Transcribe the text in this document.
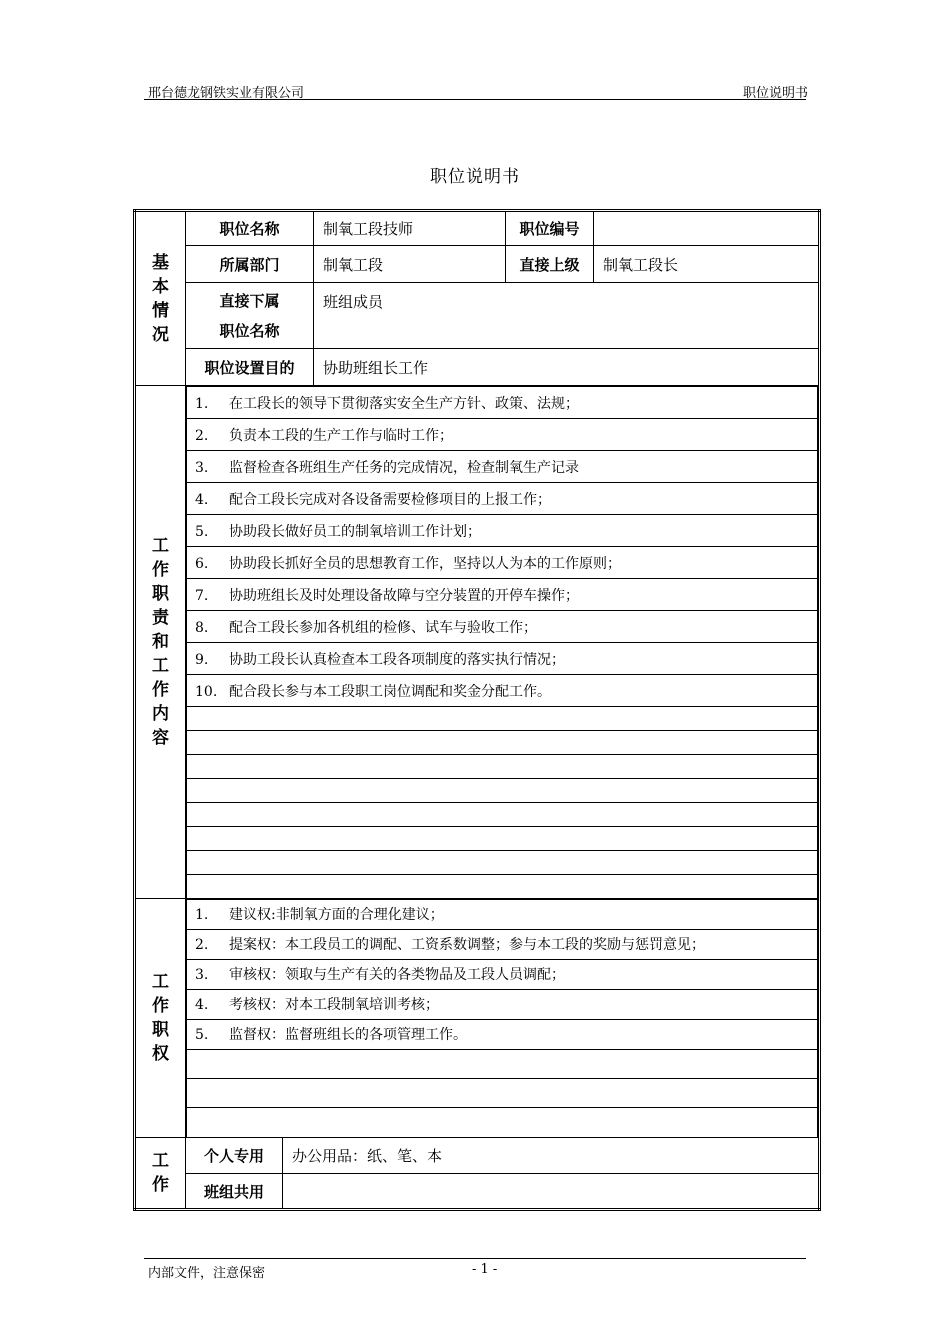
邢台德龙钢铁实业有限公司	职位说明书
职位说明书
基
本
情
况
	职位名称	制氧工段技师	职位编号	
所属部门	制氧工段	直接上级	制氧工段长

直接下属
职位名称
	班组成员
职位设置目的	协助班组长工作

工
作
职
责
和
工
作
内
容

1. 在工段长的领导下贯彻落实安全生产方针、政策、法规；
2. 负责本工段的生产工作与临时工作；
3. 监督检查各班组生产任务的完成情况，检查制氧生产记录
4. 配合工段长完成对各设备需要检修项目的上报工作；
5. 协助段长做好员工的制氧培训工作计划；
6. 协助段长抓好全员的思想教育工作，坚持以人为本的工作原则；
7. 协助班组长及时处理设备故障与空分装置的开停车操作；
8. 配合工段长参加各机组的检修、试车与验收工作；
9. 协助工段长认真检查本工段各项制度的落实执行情况；
10. 配合段长参与本工段职工岗位调配和奖金分配工作。

工
作
职
权

1. 建议权:非制氧方面的合理化建议；
2. 提案权：本工段员工的调配、工资系数调整；参与本工段的奖励与惩罚意见；
3. 审核权：领取与生产有关的各类物品及工段人员调配；
4. 考核权：对本工段制氧培训考核；
5. 监督权：监督班组长的各项管理工作。

工
作
	个人专用	办公用品：纸、笔、本
班组共用	
内部文件，注意保密	- 1 -
